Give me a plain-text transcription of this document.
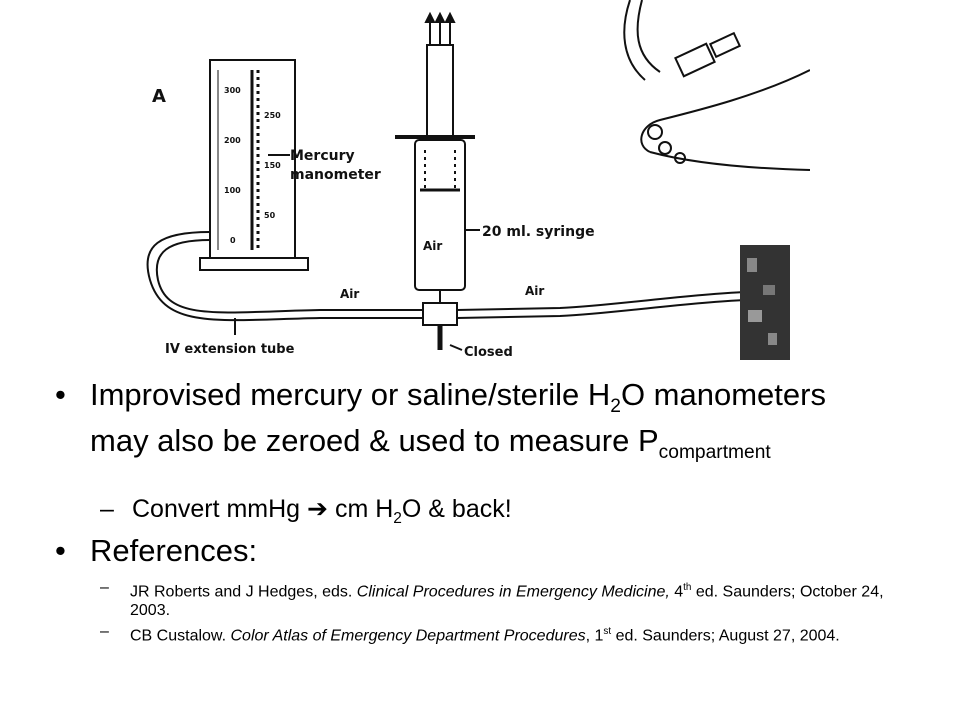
A	300
200
100
0
250
150
50
Mercury
manometer
Air
20 ml. syringe
Air	Air
Closed
IV extension tube
• Improvised mercury or saline/sterile $H_2O$ manometers may also be zeroed & used to measure $P_{compartment}$
– Convert mmHg ➔ cm $H_2O$ & back!
• References:
– JR Roberts and J Hedges, eds. Clinical Procedures in Emergency Medicine, 4th ed. Saunders; October 24, 2003.
– CB Custalow. Color Atlas of Emergency Department Procedures, 1st ed. Saunders; August 27, 2004.
